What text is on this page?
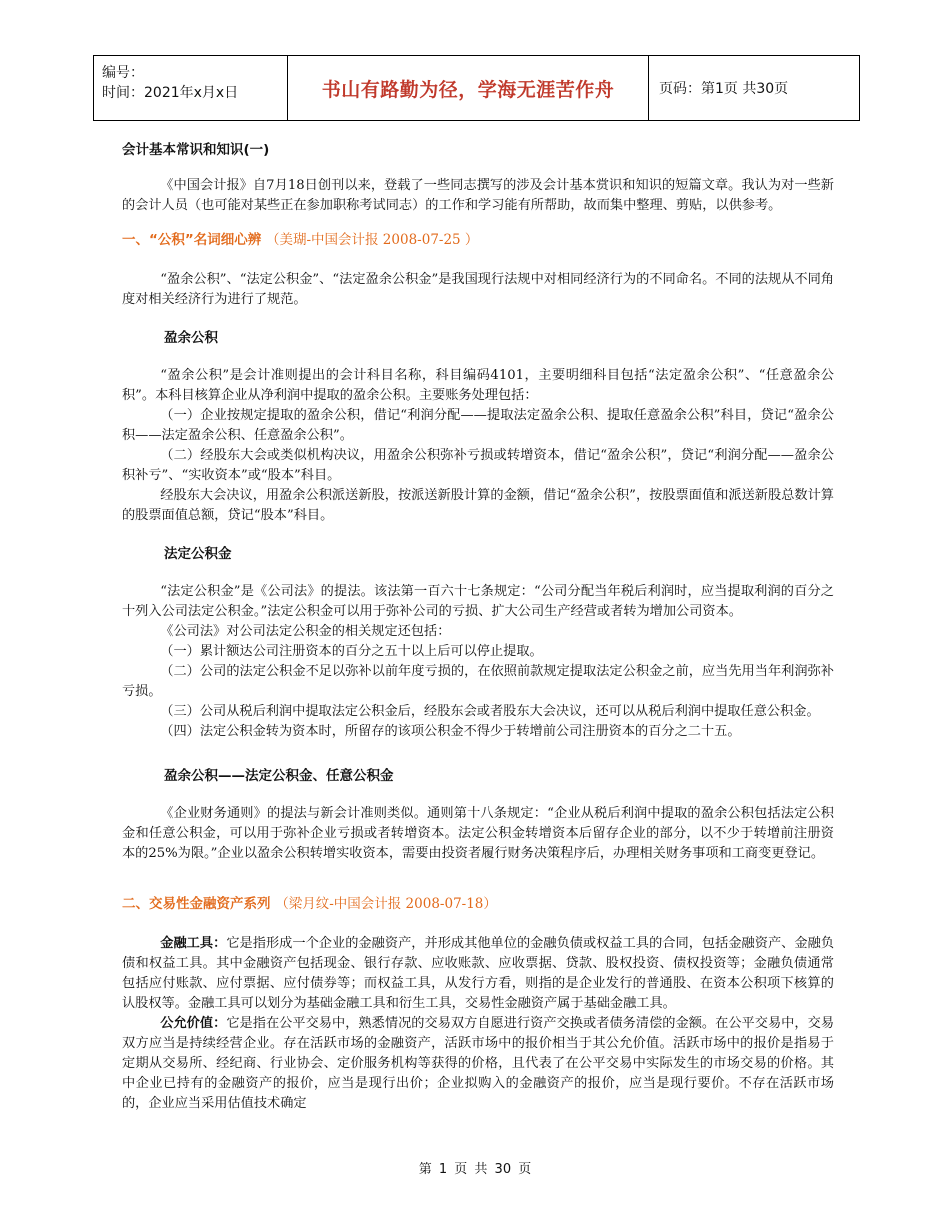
编号：
时间：2021年x月x日	书山有路勤为径，学海无涯苦作舟	页码：第1页 共30页
会计基本常识和知识(一)

《中国会计报》自7月18日创刊以来，登载了一些同志撰写的涉及会计基本赏识和知识的短篇文章。我认为对一些新的会计人员（也可能对某些正在参加职称考试同志）的工作和学习能有所帮助，故而集中整理、剪贴，以供参考。

一、“公积”名词细心辨 （美瑚-中国会计报 2008-07-25 ）

“盈余公积”、“法定公积金”、“法定盈余公积金”是我国现行法规中对相同经济行为的不同命名。不同的法规从不同角度对相关经济行为进行了规范。

盈余公积

“盈余公积”是会计准则提出的会计科目名称，科目编码4101，主要明细科目包括“法定盈余公积”、“任意盈余公积”。本科目核算企业从净利润中提取的盈余公积。主要账务处理包括：

（一）企业按规定提取的盈余公积，借记“利润分配——提取法定盈余公积、提取任意盈余公积”科目，贷记“盈余公积——法定盈余公积、任意盈余公积”。

（二）经股东大会或类似机构决议，用盈余公积弥补亏损或转增资本，借记“盈余公积”，贷记“利润分配——盈余公积补亏”、“实收资本”或“股本”科目。

经股东大会决议，用盈余公积派送新股，按派送新股计算的金额，借记“盈余公积”，按股票面值和派送新股总数计算的股票面值总额，贷记“股本”科目。

法定公积金

“法定公积金”是《公司法》的提法。该法第一百六十七条规定：“公司分配当年税后利润时，应当提取利润的百分之十列入公司法定公积金。”法定公积金可以用于弥补公司的亏损、扩大公司生产经营或者转为增加公司资本。

《公司法》对公司法定公积金的相关规定还包括：

（一）累计额达公司注册资本的百分之五十以上后可以停止提取。

（二）公司的法定公积金不足以弥补以前年度亏损的，在依照前款规定提取法定公积金之前，应当先用当年利润弥补亏损。

（三）公司从税后利润中提取法定公积金后，经股东会或者股东大会决议，还可以从税后利润中提取任意公积金。

（四）法定公积金转为资本时，所留存的该项公积金不得少于转增前公司注册资本的百分之二十五。

盈余公积——法定公积金、任意公积金

《企业财务通则》的提法与新会计准则类似。通则第十八条规定：“企业从税后利润中提取的盈余公积包括法定公积金和任意公积金，可以用于弥补企业亏损或者转增资本。法定公积金转增资本后留存企业的部分，以不少于转增前注册资本的25%为限。”企业以盈余公积转增实收资本，需要由投资者履行财务决策程序后，办理相关财务事项和工商变更登记。

二、交易性金融资产系列 （梁月纹-中国会计报 2008-07-18）

金融工具：它是指形成一个企业的金融资产，并形成其他单位的金融负债或权益工具的合同，包括金融资产、金融负债和权益工具。其中金融资产包括现金、银行存款、应收账款、应收票据、贷款、股权投资、债权投资等；金融负债通常包括应付账款、应付票据、应付债券等；而权益工具，从发行方看，则指的是企业发行的普通股、在资本公积项下核算的认股权等。金融工具可以划分为基础金融工具和衍生工具，交易性金融资产属于基础金融工具。

公允价值：它是指在公平交易中，熟悉情况的交易双方自愿进行资产交换或者债务清偿的金额。在公平交易中，交易双方应当是持续经营企业。存在活跃市场的金融资产，活跃市场中的报价相当于其公允价值。活跃市场中的报价是指易于定期从交易所、经纪商、行业协会、定价服务机构等获得的价格，且代表了在公平交易中实际发生的市场交易的价格。其中企业已持有的金融资产的报价，应当是现行出价；企业拟购入的金融资产的报价，应当是现行要价。不存在活跃市场的，企业应当采用估值技术确定

第 1 页 共 30 页
